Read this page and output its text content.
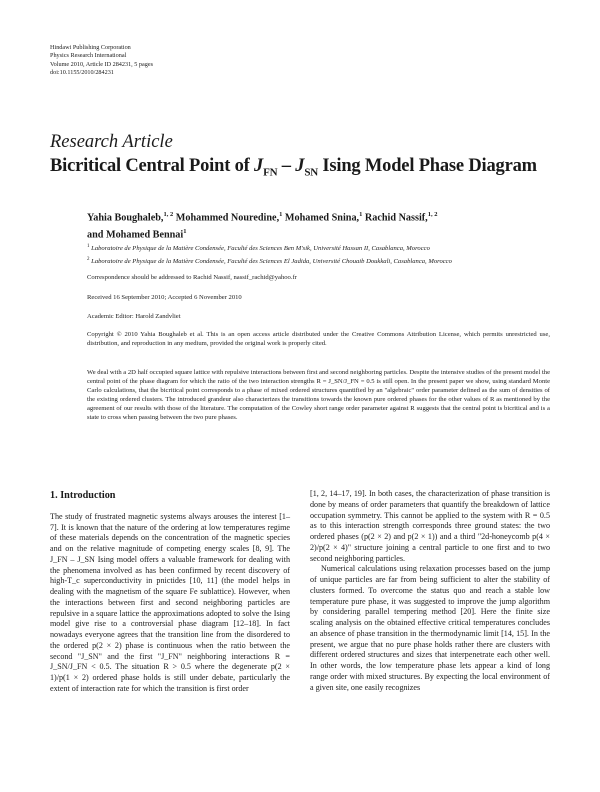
Hindawi Publishing Corporation
Physics Research International
Volume 2010, Article ID 284231, 5 pages
doi:10.1155/2010/284231
Research Article
Bicritical Central Point of $J_{FN} - J_{SN}$ Ising Model Phase Diagram
Yahia Boughaleb,$^{1, 2}$ Mohammed Nouredine,$^1$ Mohamed Snina,$^1$ Rachid Nassif,$^{1, 2}$
and Mohamed Bennai$^1$
$^1$ Laboratoire de Physique de la Matière Condensée, Faculté des Sciences Ben M'sik, Université Hassan II, Casablanca, Morocco
$^2$ Laboratoire de Physique de la Matière Condensée, Faculté des Sciences El Jadida, Université Chouaib Doukkali, Casablanca, Morocco
Correspondence should be addressed to Rachid Nassif, nassif_rachid@yahoo.fr
Received 16 September 2010; Accepted 6 November 2010
Academic Editor: Harold Zandvliet
Copyright © 2010 Yahia Boughaleb et al. This is an open access article distributed under the Creative Commons Attribution License, which permits unrestricted use, distribution, and reproduction in any medium, provided the original work is properly cited.
We deal with a 2D half occupied square lattice with repulsive interactions between first and second neighboring particles. Despite the intensive studies of the present model the central point of the phase diagram for which the ratio of the two interaction strengths R = J_SN/J_FN = 0.5 is still open. In the present paper we show, using standard Monte Carlo calculations, that the bicritical point corresponds to a phase of mixed ordered structures quantified by an "algebraic" order parameter defined as the sum of densities of the existing ordered clusters. The introduced grandeur also characterizes the transitions towards the known pure ordered phases for the other values of R as mentioned by the agreement of our results with those of the literature. The computation of the Cowley short range order parameter against R suggests that the central point is bicritical and is a state to cross when passing between the two pure phases.
1. Introduction

The study of frustrated magnetic systems always arouses the interest [1–7]. It is known that the nature of the ordering at low temperatures regime of these materials depends on the concentration of the magnetic species and on the relative magnitude of competing energy scales [8, 9]. The J_FN – J_SN Ising model offers a valuable framework for dealing with the phenomena involved as has been confirmed by recent discovery of high-T_c superconductivity in pnictides [10, 11] (the model helps in dealing with the magnetism of the square Fe sublattice). However, when the interactions between first and second neighboring particles are repulsive in a square lattice the approximations adopted to solve the Ising model give rise to a controversial phase diagram [12–18]. In fact nowadays everyone agrees that the transition line from the disordered to the ordered p(2 × 2) phase is continuous when the ratio between the second "J_SN" and the first "J_FN" neighboring interactions R = J_SN/J_FN < 0.5. The situation R > 0.5 where the degenerate p(2 × 1)/p(1 × 2) ordered phase holds is still under debate, particularly the extent of interaction rate for which the transition is first order

[1, 2, 14–17, 19]. In both cases, the characterization of phase transition is done by means of order parameters that quantify the breakdown of lattice occupation symmetry. This cannot be applied to the system with R = 0.5 as to this interaction strength corresponds three ground states: the two ordered phases (p(2 × 2) and p(2 × 1)) and a third "2d-honeycomb p(4 × 2)/p(2 × 4)" structure joining a central particle to one first and to two second neighboring particles.

Numerical calculations using relaxation processes based on the jump of unique particles are far from being sufficient to alter the stability of clusters formed. To overcome the status quo and reach a stable low temperature pure phase, it was suggested to improve the jump algorithm by considering parallel tempering method [20]. Here the finite size scaling analysis on the obtained effective critical temperatures concludes an absence of phase transition in the thermodynamic limit [14, 15]. In the present, we argue that no pure phase holds rather there are clusters with different ordered structures and sizes that interpenetrate each other well. In other words, the low temperature phase lets appear a kind of long range order with mixed structures. By expecting the local environment of a given site, one easily recognizes
